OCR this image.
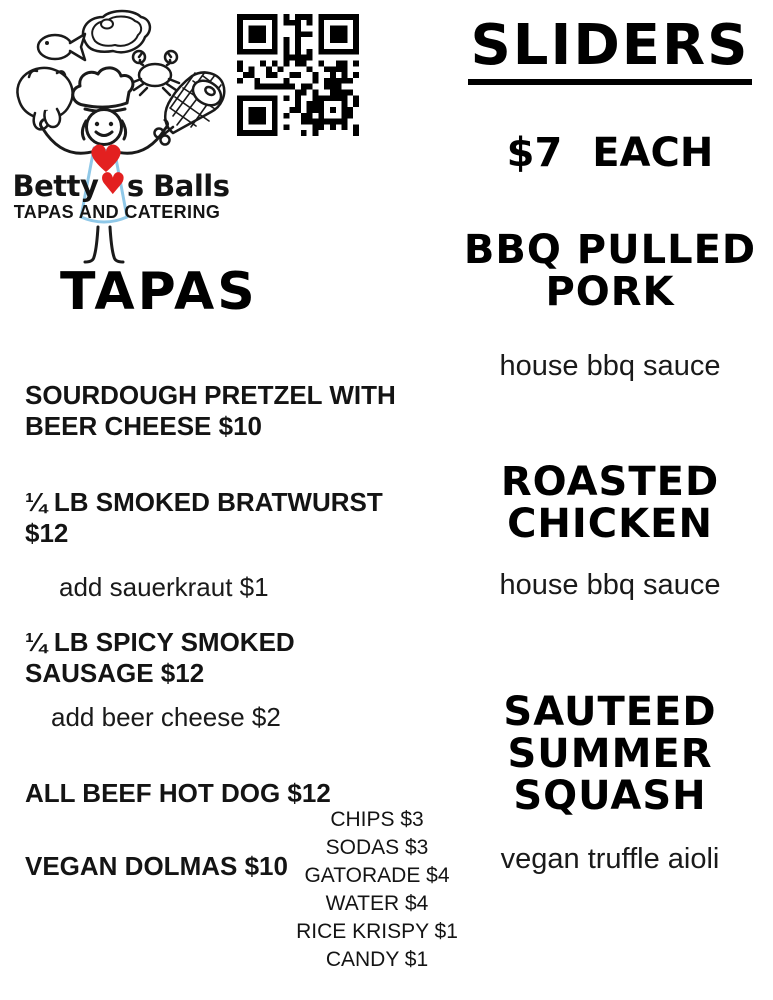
Betty♥s Balls
TAPAS AND CATERING
TAPAS
SOURDOUGH PRETZEL WITH BEER CHEESE $10
¼ LB SMOKED BRATWURST $12
add sauerkraut $1
¼ LB SPICY SMOKED SAUSAGE $12
add beer cheese $2
ALL BEEF HOT DOG $12
VEGAN DOLMAS $10
SLIDERS
$7 EACH
BBQ PULLED PORK
house bbq sauce
ROASTED CHICKEN
house bbq sauce
SAUTEED SUMMER SQUASH
vegan truffle aioli
CHIPS $3
SODAS $3
GATORADE $4
WATER $4
RICE KRISPY $1
CANDY $1
